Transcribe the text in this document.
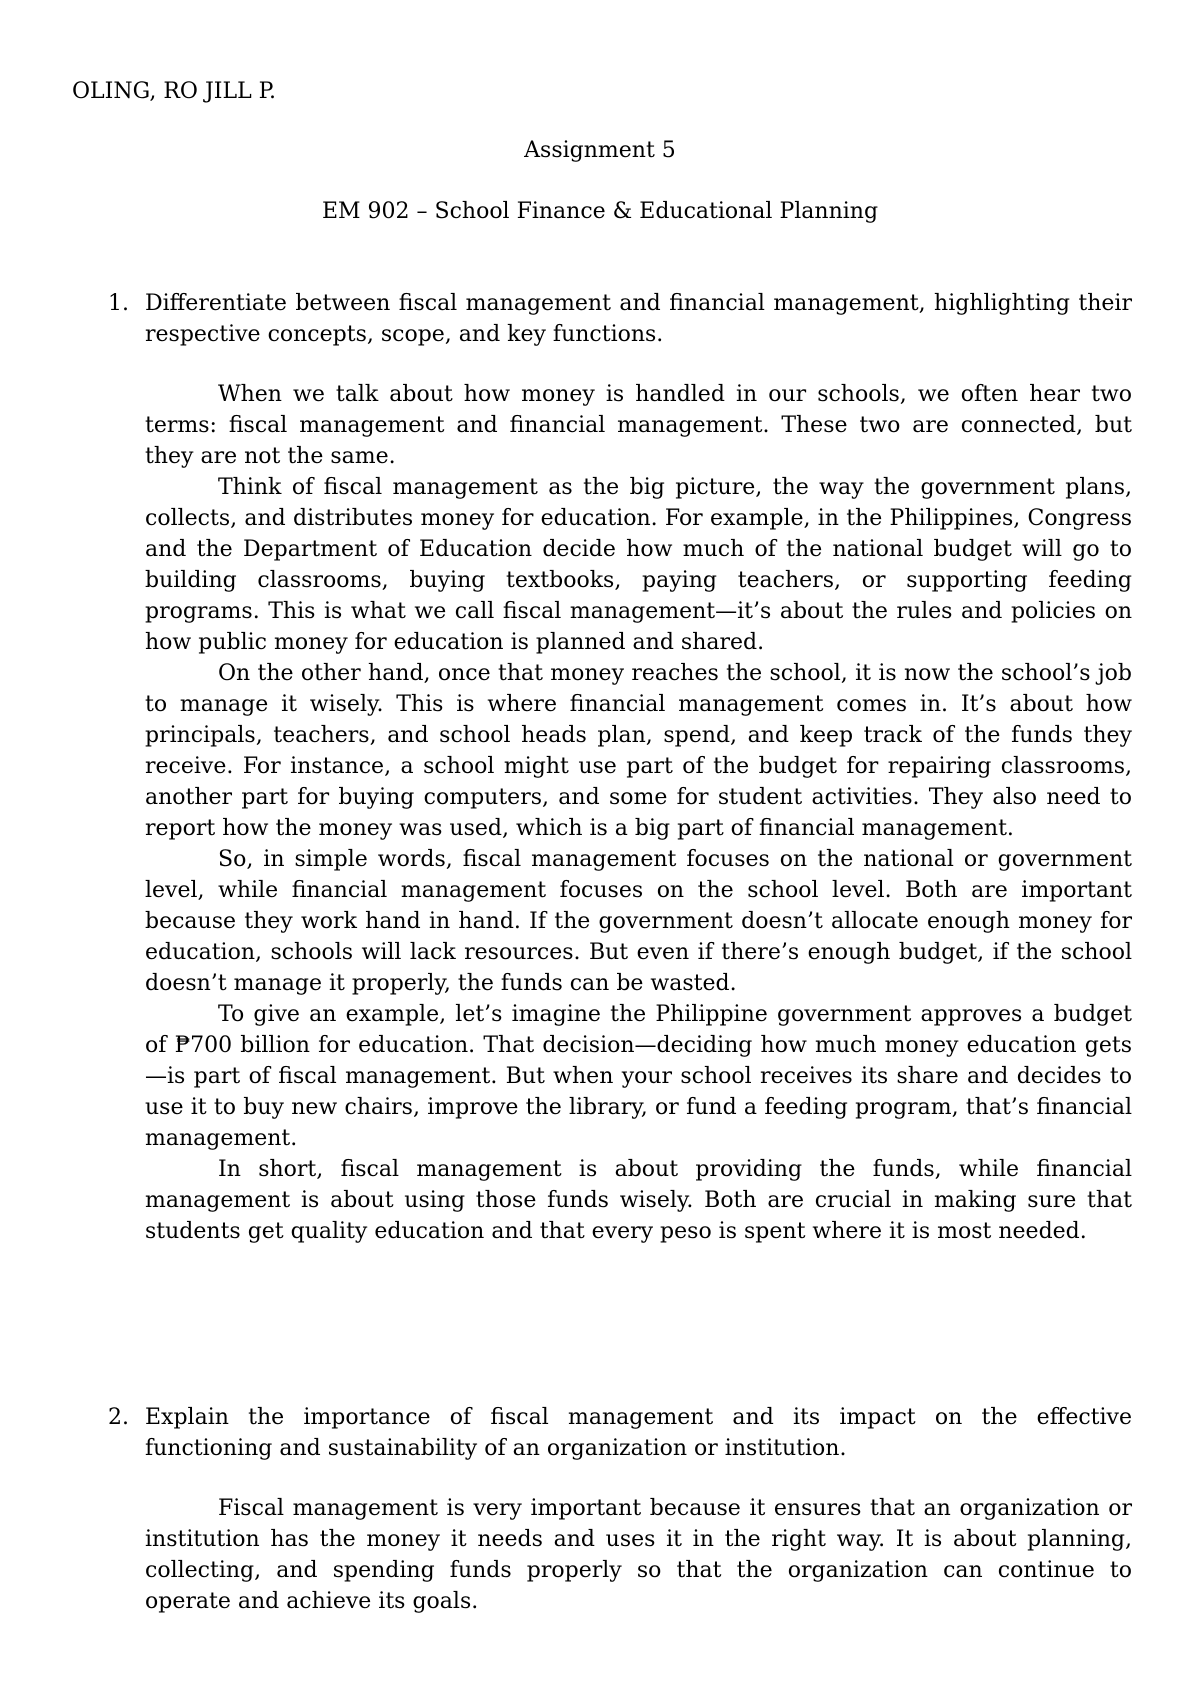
OLING, RO JILL P.

Assignment 5

EM 902 – School Finance & Educational Planning

1. Differentiate between fiscal management and financial management, highlighting their respective concepts, scope, and key functions.

When we talk about how money is handled in our schools, we often hear two terms: fiscal management and financial management. These two are connected, but they are not the same.

Think of fiscal management as the big picture, the way the government plans, collects, and distributes money for education. For example, in the Philippines, Congress and the Department of Education decide how much of the national budget will go to building classrooms, buying textbooks, paying teachers, or supporting feeding programs. This is what we call fiscal management—it’s about the rules and policies on how public money for education is planned and shared.

On the other hand, once that money reaches the school, it is now the school’s job to manage it wisely. This is where financial management comes in. It’s about how principals, teachers, and school heads plan, spend, and keep track of the funds they receive. For instance, a school might use part of the budget for repairing classrooms, another part for buying computers, and some for student activities. They also need to report how the money was used, which is a big part of financial management.

So, in simple words, fiscal management focuses on the national or government level, while financial management focuses on the school level. Both are important because they work hand in hand. If the government doesn’t allocate enough money for education, schools will lack resources. But even if there’s enough budget, if the school doesn’t manage it properly, the funds can be wasted.

To give an example, let’s imagine the Philippine government approves a budget of ₱700 billion for education. That decision—deciding how much money education gets—is part of fiscal management. But when your school receives its share and decides to use it to buy new chairs, improve the library, or fund a feeding program, that’s financial management.

In short, fiscal management is about providing the funds, while financial management is about using those funds wisely. Both are crucial in making sure that students get quality education and that every peso is spent where it is most needed.

2. Explain the importance of fiscal management and its impact on the effective functioning and sustainability of an organization or institution.

Fiscal management is very important because it ensures that an organization or institution has the money it needs and uses it in the right way. It is about planning, collecting, and spending funds properly so that the organization can continue to operate and achieve its goals.
